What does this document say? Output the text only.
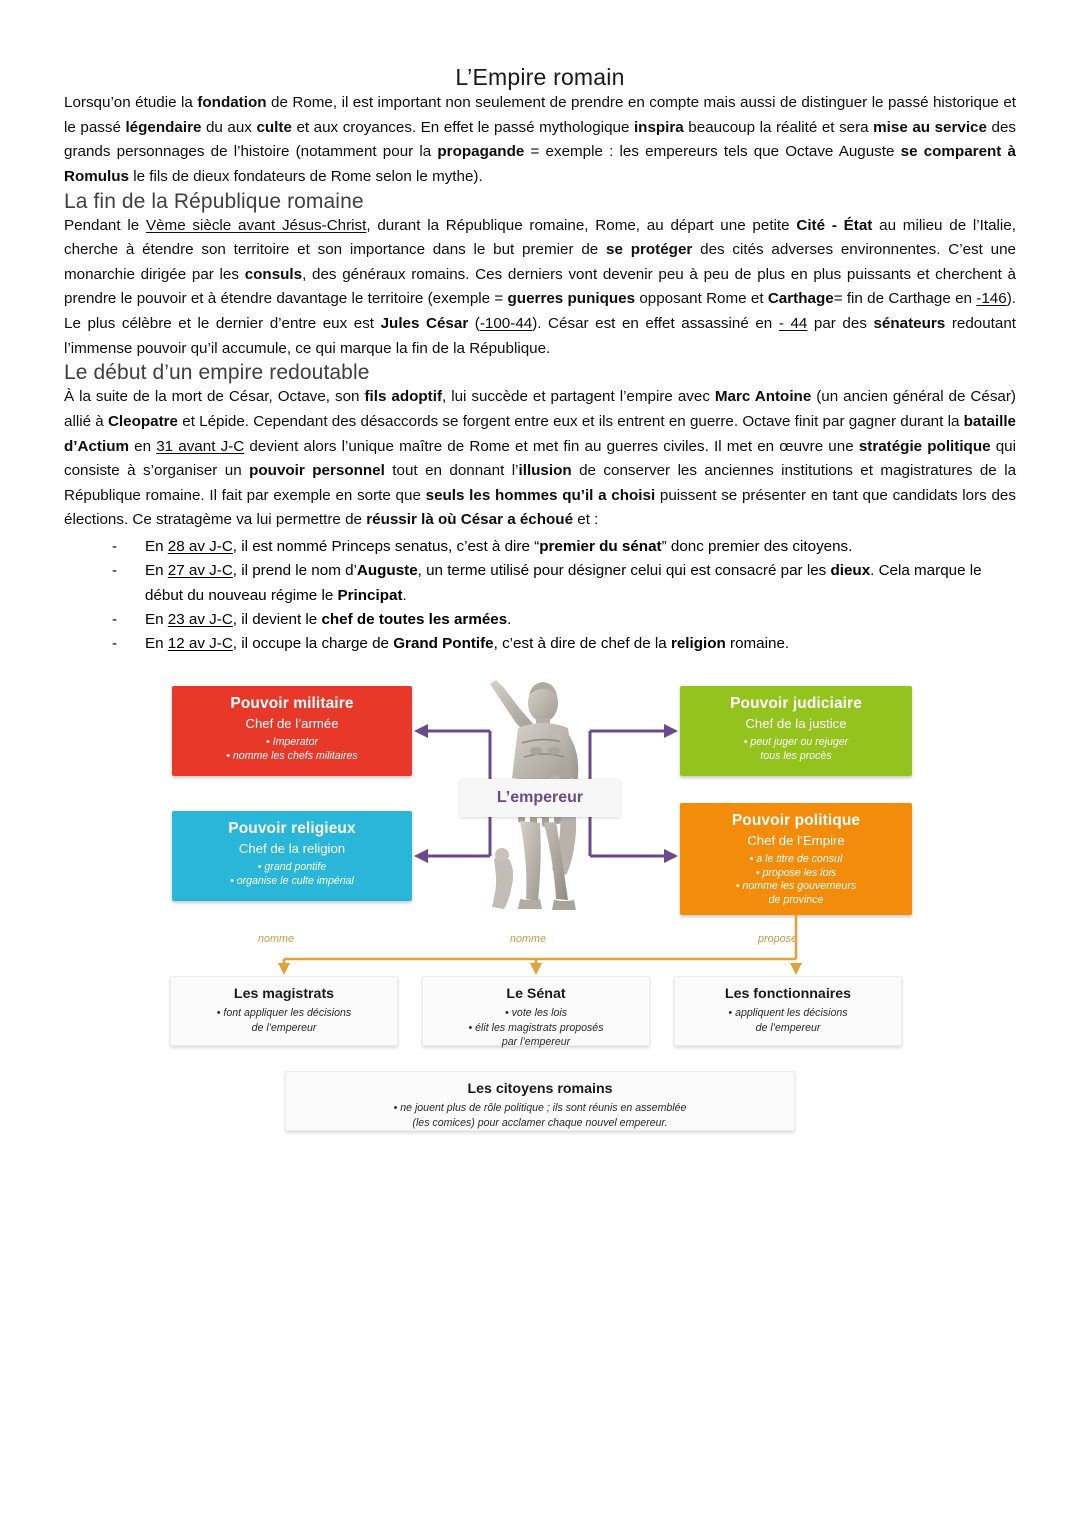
L’Empire romain

Lorsqu’on étudie la fondation de Rome, il est important non seulement de prendre en compte mais aussi de distinguer le passé historique et le passé légendaire du aux culte et aux croyances. En effet le passé mythologique inspira beaucoup la réalité et sera mise au service des grands personnages de l’histoire (notamment pour la propagande = exemple : les empereurs tels que Octave Auguste se comparent à Romulus le fils de dieux fondateurs de Rome selon le mythe).

La fin de la République romaine

Pendant le Vème siècle avant Jésus-Christ, durant la République romaine, Rome, au départ une petite Cité - État au milieu de l’Italie, cherche à étendre son territoire et son importance dans le but premier de se protéger des cités adverses environnentes. C’est une monarchie dirigée par les consuls, des généraux romains. Ces derniers vont devenir peu à peu de plus en plus puissants et cherchent à prendre le pouvoir et à étendre davantage le territoire (exemple = guerres puniques opposant Rome et Carthage= fin de Carthage en -146). Le plus célèbre et le dernier d’entre eux est Jules César (-100-44). César est en effet assassiné en - 44 par des sénateurs redoutant l’immense pouvoir qu’il accumule, ce qui marque la fin de la République.

Le début d’un empire redoutable

À la suite de la mort de César, Octave, son fils adoptif, lui succède et partagent l’empire avec Marc Antoine (un ancien général de César) allié à Cleopatre et Lépide. Cependant des désaccords se forgent entre eux et ils entrent en guerre. Octave finit par gagner durant la bataille d’Actium en 31 avant J-C devient alors l’unique maître de Rome et met fin au guerres civiles. Il met en œuvre une stratégie politique qui consiste à s’organiser un pouvoir personnel tout en donnant l’illusion de conserver les anciennes institutions et magistratures de la République romaine. Il fait par exemple en sorte que seuls les hommes qu’il a choisi puissent se présenter en tant que candidats lors des élections. Ce stratagème va lui permettre de réussir là où César a échoué et :

- En 28 av J-C, il est nommé Princeps senatus, c’est à dire “premier du sénat” donc premier des citoyens.
- En 27 av J-C, il prend le nom d’Auguste, un terme utilisé pour désigner celui qui est consacré par les dieux. Cela marque le début du nouveau régime le Principat.
- En 23 av J-C, il devient le chef de toutes les armées.
- En 12 av J-C, il occupe la charge de Grand Pontife, c’est à dire de chef de la religion romaine.
L’empereur
Pouvoir militaire
Chef de l’armée
• Imperator
• nomme les chefs militaires
Pouvoir judiciaire
Chef de la justice
• peut juger ou rejuger
tous les procès
Pouvoir religieux
Chef de la religion
• grand pontife
• organise le culte impérial
Pouvoir politique
Chef de l’Empire
• a le titre de consul
• propose les lois
• nomme les gouverneurs
de province
nomme	nomme	propose
Les magistrats
• font appliquer les décisions
de l’empereur
Le Sénat
• vote les lois
• élit les magistrats proposés
par l’empereur
Les fonctionnaires
• appliquent les décisions
de l’empereur
Les citoyens romains
• ne jouent plus de rôle politique ; ils sont réunis en assemblée
(les comices) pour acclamer chaque nouvel empereur.
